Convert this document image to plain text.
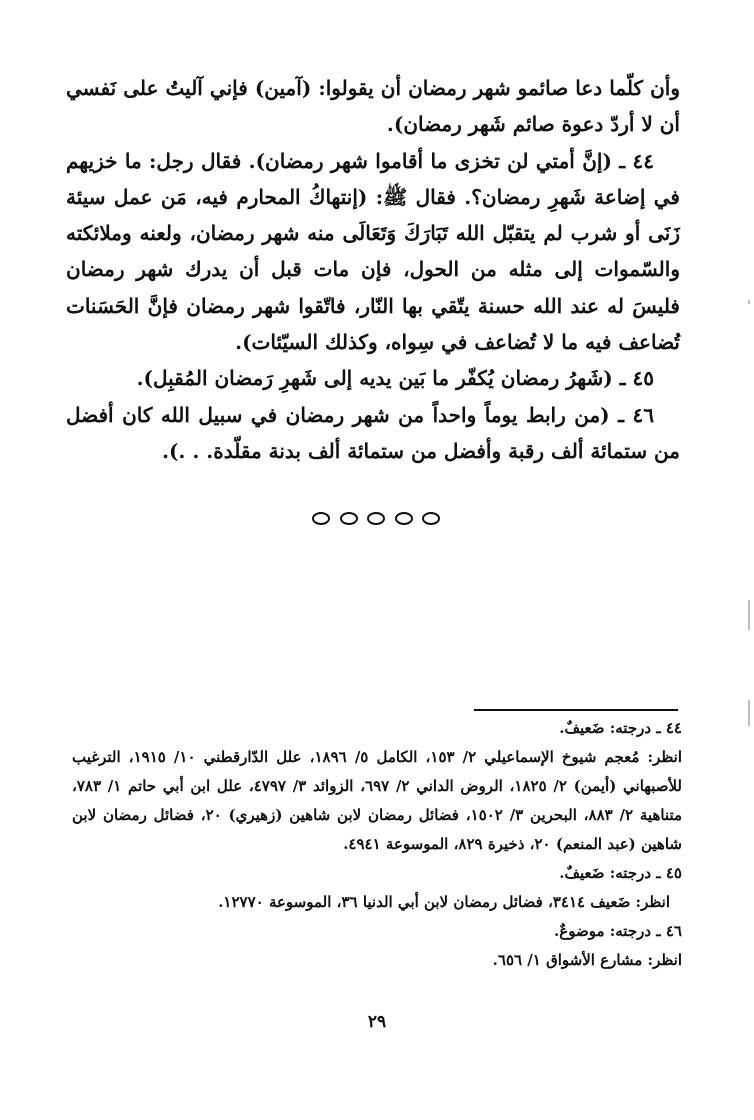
وأن كلّما دعا صائمو شهر رمضان أن يقولوا: (آمين) فإني آليتُ على نَفسي أن لا أردّ دعوة صائم شَهر رمضان).

٤٤ ـ (إنَّ أمتي لن تخزى ما أقاموا شهر رمضان). فقال رجل: ما خزيهم في إضاعة شَهرِ رمضان؟. فقال ﷺ: (إنتهاكُ المحارم فيه، مَن عمل سيئة زَنَى أو شرب لم يتقبّل الله تَبَارَكَ وَتَعَالَى منه شهر رمضان، ولعنه وملائكته والسّموات إلى مثله من الحول، فإن مات قبل أن يدرك شهر رمضان فليسَ له عند الله حسنة يتّقي بها النّار، فاتّقوا شهر رمضان فإنَّ الحَسَنات تُضاعف فيه ما لا تُضاعف في سِواه، وكذلك السيّئات).

٤٥ ـ (شَهرُ رمضان يُكفّر ما بَين يديه إلى شَهرِ رَمضان المُقبِل).

٤٦ ـ (من رابط يوماً واحداً من شهر رمضان في سبيل الله كان أفضل من ستمائة ألف رقبة وأفضل من ستمائة ألف بدنة مقلّدة. . .).

٤٤ ـ درجته: ضَعيفٌ.

انظر: مُعجم شيوخ الإسماعيلي ٢/ ١٥٣، الكامل ٥/ ١٨٩٦، علل الدّارقطني ١٠/ ١٩١٥، الترغيب للأصبهاني (أيمن) ٢/ ١٨٢٥، الروض الداني ٢/ ٦٩٧، الزوائد ٣/ ٤٧٩٧، علل ابن أبي حاتم ١/ ٧٨٣، متناهية ٢/ ٨٨٣، البحرين ٣/ ١٥٠٢، فضائل رمضان لابن شاهين (زهيري) ٢٠، فضائل رمضان لابن شاهين (عبد المنعم) ٢٠، ذخيرة ٨٢٩، الموسوعة ٤٩٤١.

٤٥ ـ درجته: ضَعيفٌ.

انظر: ضَعيف ٣٤١٤، فضائل رمضان لابن أبي الدنيا ٣٦، الموسوعة ١٢٧٧٠.

٤٦ ـ درجته: موضوعٌ.

انظر: مشارع الأشواق ١/ ٦٥٦.

٢٩
